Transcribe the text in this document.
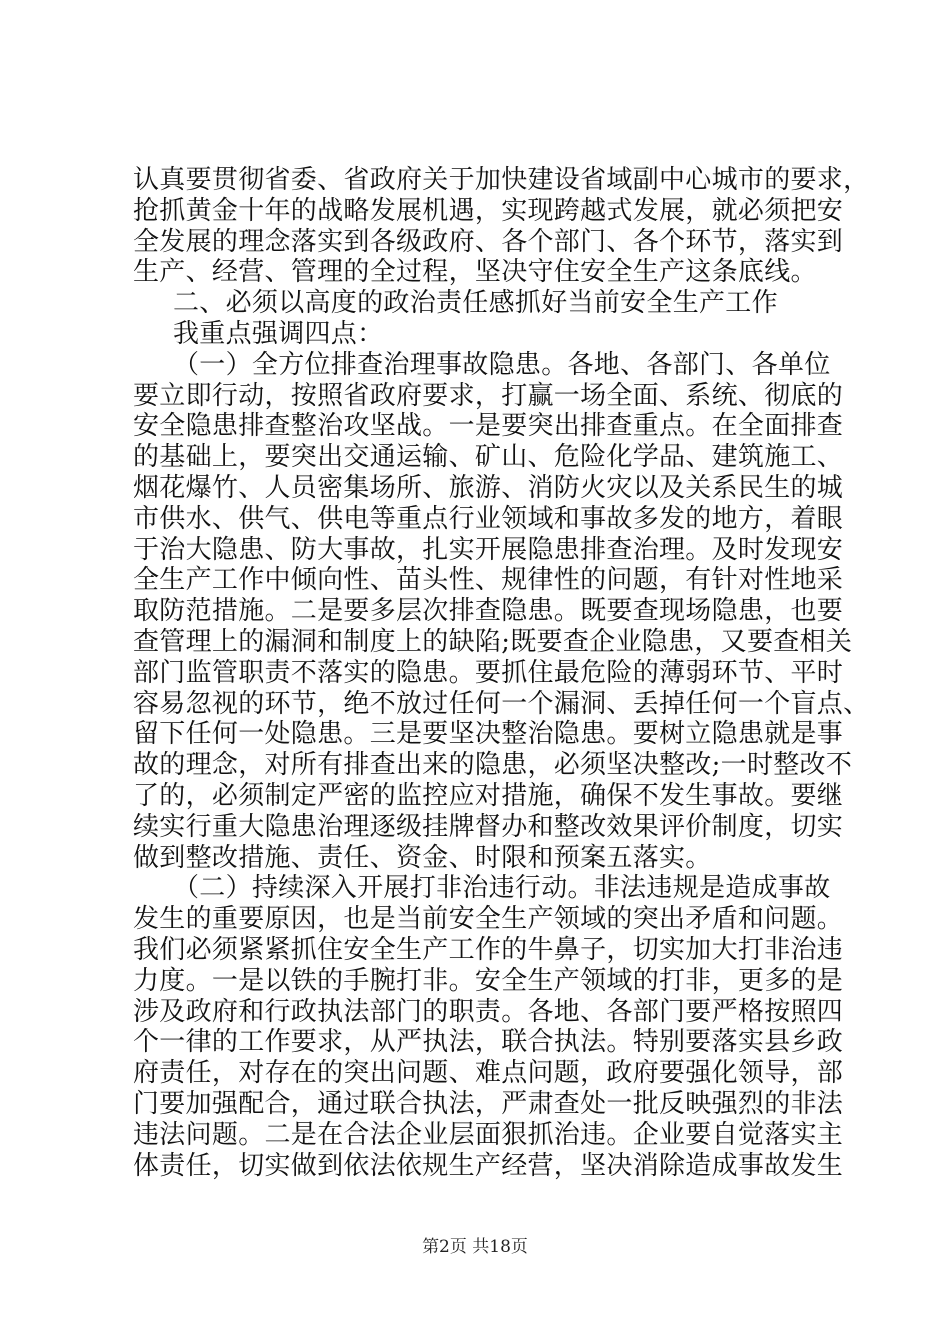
认真要贯彻省委、省政府关于加快建设省域副中心城市的要求，
抢抓黄金十年的战略发展机遇，实现跨越式发展，就必须把安
全发展的理念落实到各级政府、各个部门、各个环节，落实到
生产、经营、管理的全过程，坚决守住安全生产这条底线。
二、必须以高度的政治责任感抓好当前安全生产工作
我重点强调四点：
（一）全方位排查治理事故隐患。各地、各部门、各单位
要立即行动，按照省政府要求，打赢一场全面、系统、彻底的
安全隐患排查整治攻坚战。一是要突出排查重点。在全面排查
的基础上，要突出交通运输、矿山、危险化学品、建筑施工、
烟花爆竹、人员密集场所、旅游、消防火灾以及关系民生的城
市供水、供气、供电等重点行业领域和事故多发的地方，着眼
于治大隐患、防大事故，扎实开展隐患排查治理。及时发现安
全生产工作中倾向性、苗头性、规律性的问题，有针对性地采
取防范措施。二是要多层次排查隐患。既要查现场隐患，也要
查管理上的漏洞和制度上的缺陷;既要查企业隐患，又要查相关
部门监管职责不落实的隐患。要抓住最危险的薄弱环节、平时
容易忽视的环节，绝不放过任何一个漏洞、丢掉任何一个盲点、
留下任何一处隐患。三是要坚决整治隐患。要树立隐患就是事
故的理念，对所有排查出来的隐患，必须坚决整改;一时整改不
了的，必须制定严密的监控应对措施，确保不发生事故。要继
续实行重大隐患治理逐级挂牌督办和整改效果评价制度，切实
做到整改措施、责任、资金、时限和预案五落实。
（二）持续深入开展打非治违行动。非法违规是造成事故
发生的重要原因，也是当前安全生产领域的突出矛盾和问题。
我们必须紧紧抓住安全生产工作的牛鼻子，切实加大打非治违
力度。一是以铁的手腕打非。安全生产领域的打非，更多的是
涉及政府和行政执法部门的职责。各地、各部门要严格按照四
个一律的工作要求，从严执法，联合执法。特别要落实县乡政
府责任，对存在的突出问题、难点问题，政府要强化领导，部
门要加强配合，通过联合执法，严肃查处一批反映强烈的非法
违法问题。二是在合法企业层面狠抓治违。企业要自觉落实主
体责任，切实做到依法依规生产经营，坚决消除造成事故发生
第2页 共18页
